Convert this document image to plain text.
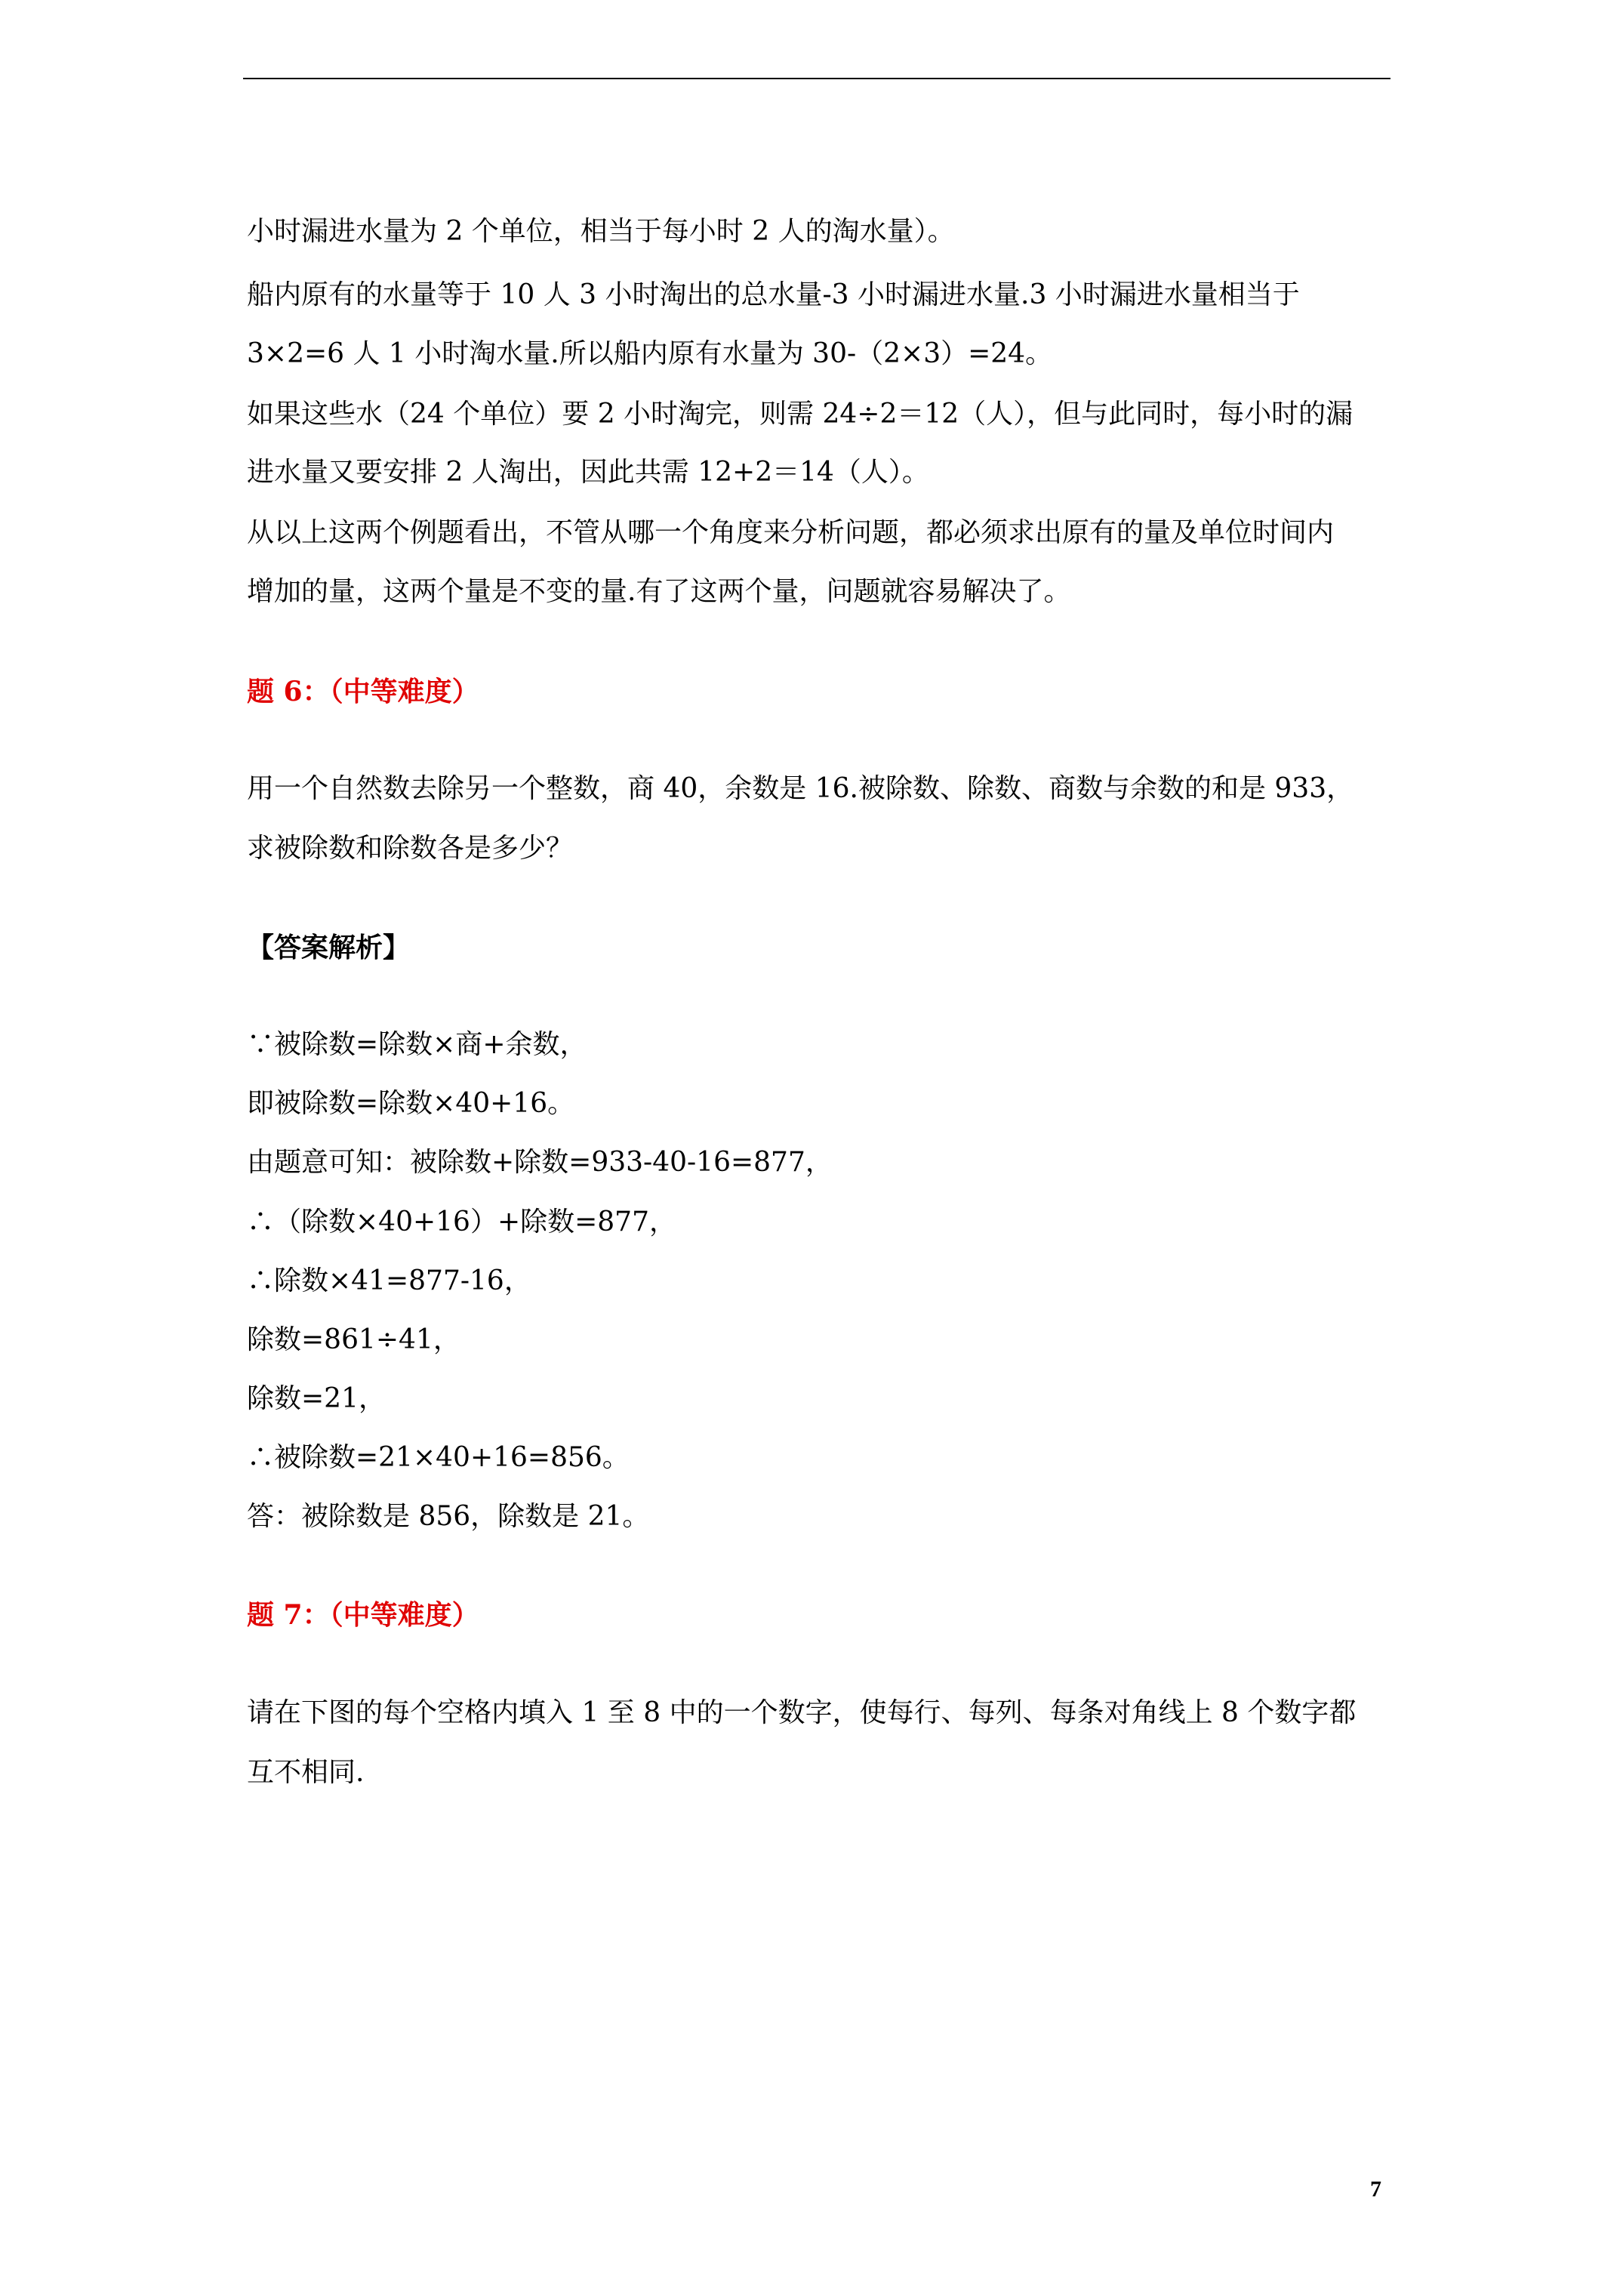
小时漏进水量为 2 个单位，相当于每小时 2 人的淘水量）。
船内原有的水量等于 10 人 3 小时淘出的总水量-3 小时漏进水量.3 小时漏进水量相当于
3×2=6 人 1 小时淘水量.所以船内原有水量为 30-（2×3）=24。
如果这些水（24 个单位）要 2 小时淘完，则需 24÷2＝12（人），但与此同时，每小时的漏
进水量又要安排 2 人淘出，因此共需 12+2＝14（人）。
从以上这两个例题看出，不管从哪一个角度来分析问题，都必须求出原有的量及单位时间内
增加的量，这两个量是不变的量.有了这两个量，问题就容易解决了。
题 6：（中等难度）
用一个自然数去除另一个整数，商 40，余数是 16.被除数、除数、商数与余数的和是 933，
求被除数和除数各是多少？
【答案解析】
∵被除数=除数×商+余数，
即被除数=除数×40+16。
由题意可知：被除数+除数=933-40-16=877，
∴（除数×40+16）+除数=877，
∴除数×41=877-16，
除数=861÷41，
除数=21，
∴被除数=21×40+16=856。
答：被除数是 856，除数是 21。
题 7：（中等难度）
请在下图的每个空格内填入 1 至 8 中的一个数字，使每行、每列、每条对角线上 8 个数字都
互不相同.
7
